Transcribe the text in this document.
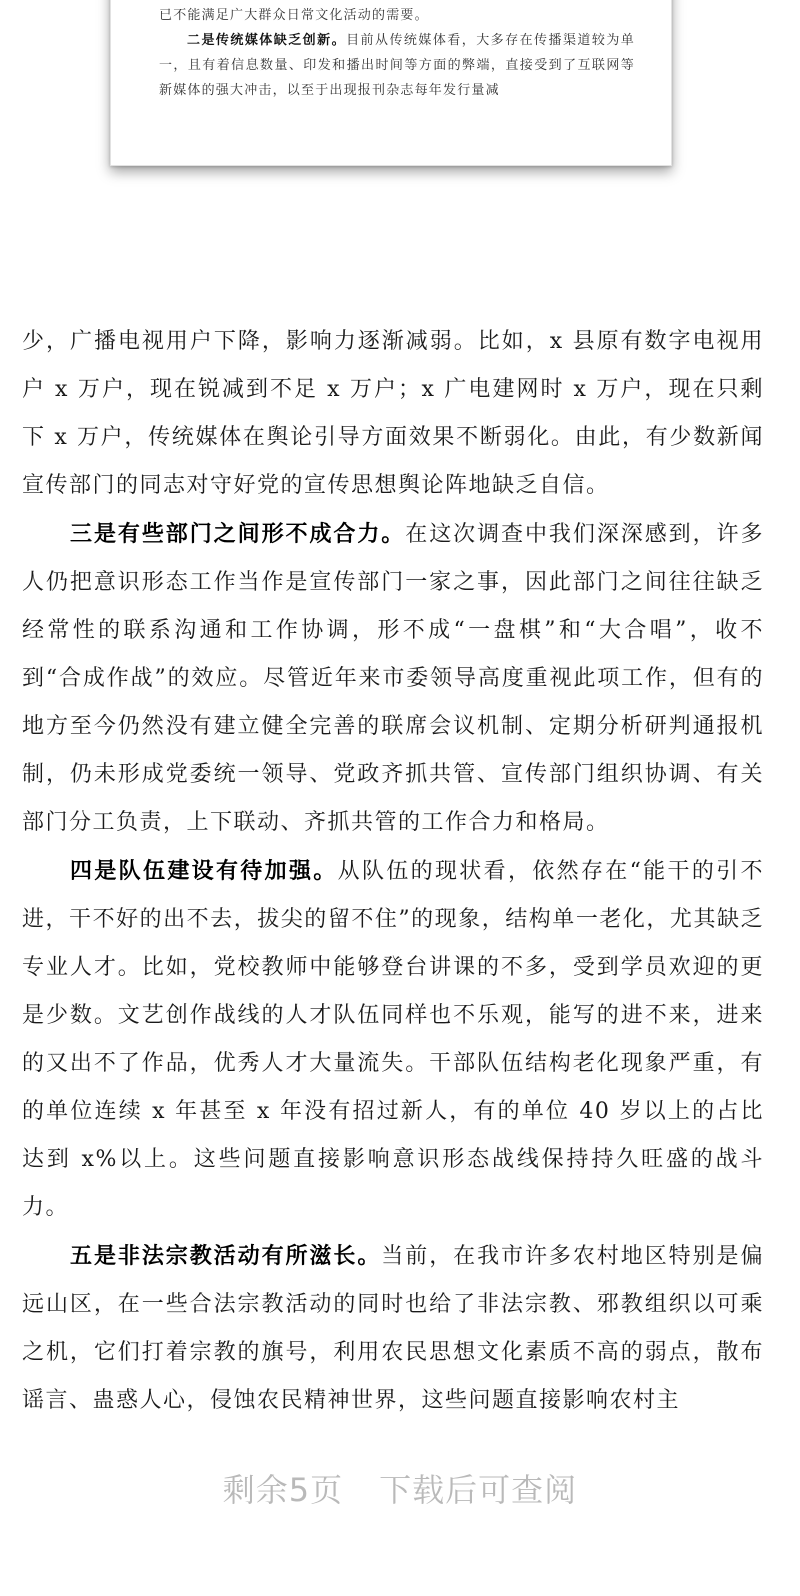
已不能满足广大群众日常文化活动的需要。

二是传统媒体缺乏创新。目前从传统媒体看，大多存在传播渠道较为单一，且有着信息数量、印发和播出时间等方面的弊端，直接受到了互联网等新媒体的强大冲击，以至于出现报刊杂志每年发行量减

少，广播电视用户下降，影响力逐渐减弱。比如，x 县原有数字电视用户 x 万户，现在锐减到不足 x 万户；x 广电建网时 x 万户，现在只剩下 x 万户，传统媒体在舆论引导方面效果不断弱化。由此，有少数新闻宣传部门的同志对守好党的宣传思想舆论阵地缺乏自信。

三是有些部门之间形不成合力。在这次调查中我们深深感到，许多人仍把意识形态工作当作是宣传部门一家之事，因此部门之间往往缺乏经常性的联系沟通和工作协调，形不成“一盘棋”和“大合唱”，收不到“合成作战”的效应。尽管近年来市委领导高度重视此项工作，但有的地方至今仍然没有建立健全完善的联席会议机制、定期分析研判通报机制，仍未形成党委统一领导、党政齐抓共管、宣传部门组织协调、有关部门分工负责，上下联动、齐抓共管的工作合力和格局。

四是队伍建设有待加强。从队伍的现状看，依然存在“能干的引不进，干不好的出不去，拔尖的留不住”的现象，结构单一老化，尤其缺乏专业人才。比如，党校教师中能够登台讲课的不多，受到学员欢迎的更是少数。文艺创作战线的人才队伍同样也不乐观，能写的进不来，进来的又出不了作品，优秀人才大量流失。干部队伍结构老化现象严重，有的单位连续 x 年甚至 x 年没有招过新人，有的单位 40 岁以上的占比达到 x%以上。这些问题直接影响意识形态战线保持持久旺盛的战斗力。

五是非法宗教活动有所滋长。当前，在我市许多农村地区特别是偏远山区，在一些合法宗教活动的同时也给了非法宗教、邪教组织以可乘之机，它们打着宗教的旗号，利用农民思想文化素质不高的弱点，散布谣言、蛊惑人心，侵蚀农民精神世界，这些问题直接影响农村主

剩余5页 下载后可查阅
